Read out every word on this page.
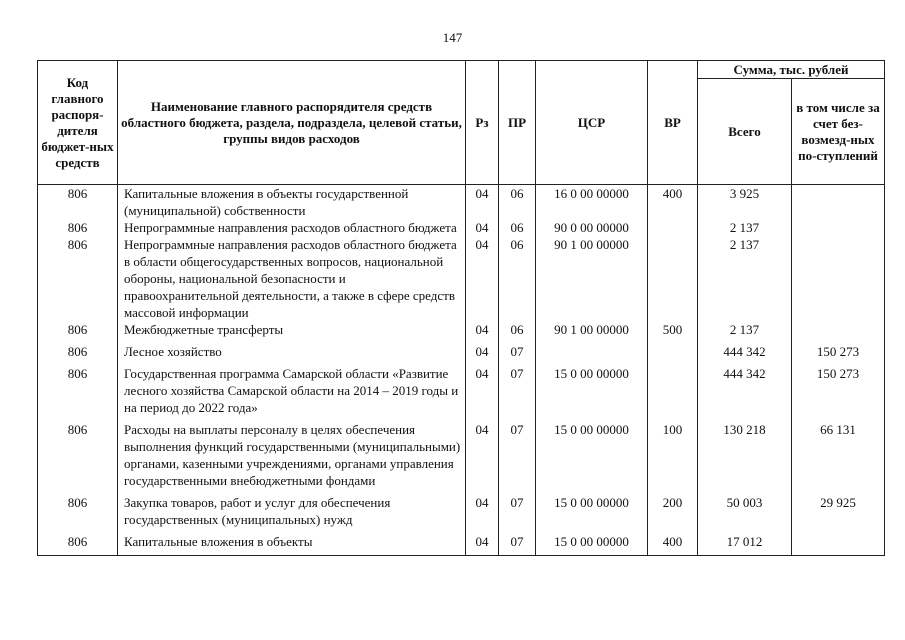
147
Код главного распоря-дителя бюджет-ных средств	Наименование главного распорядителя средств областного бюджета, раздела, подраздела, целевой статьи, группы видов расходов	Рз	ПР	ЦСР	ВР	Сумма, тыс. рублей	
						Всего	в том числе за счет без-возмезд-ных по-ступлений
806	Капитальные вложения в объекты государственной (муниципальной) собственности	04	06	16 0 00 00000	400	3 925	
806	Непрограммные направления расходов областного бюджета	04	06	90 0 00 00000		2 137	
806	Непрограммные направления расходов областного бюджета в области общегосударственных вопросов, национальной обороны, национальной безопасности и правоохранительной деятельности, а также в сфере средств массовой информации	04	06	90 1 00 00000		2 137	
806	Межбюджетные трансферты	04	06	90 1 00 00000	500	2 137	
806	Лесное хозяйство	04	07			444 342	150 273
806	Государственная программа Самарской области «Развитие лесного хозяйства Самарской области на 2014 – 2019 годы и на период до 2022 года»	04	07	15 0 00 00000		444 342	150 273
806	Расходы на выплаты персоналу в целях обеспечения выполнения функций государственными (муниципальными) органами, казенными учреждениями, органами управления государственными внебюджетными фондами	04	07	15 0 00 00000	100	130 218	66 131
806	Закупка товаров, работ и услуг для обеспечения государственных (муниципальных) нужд	04	07	15 0 00 00000	200	50 003	29 925
806	Капитальные вложения в объекты	04	07	15 0 00 00000	400	17 012	
